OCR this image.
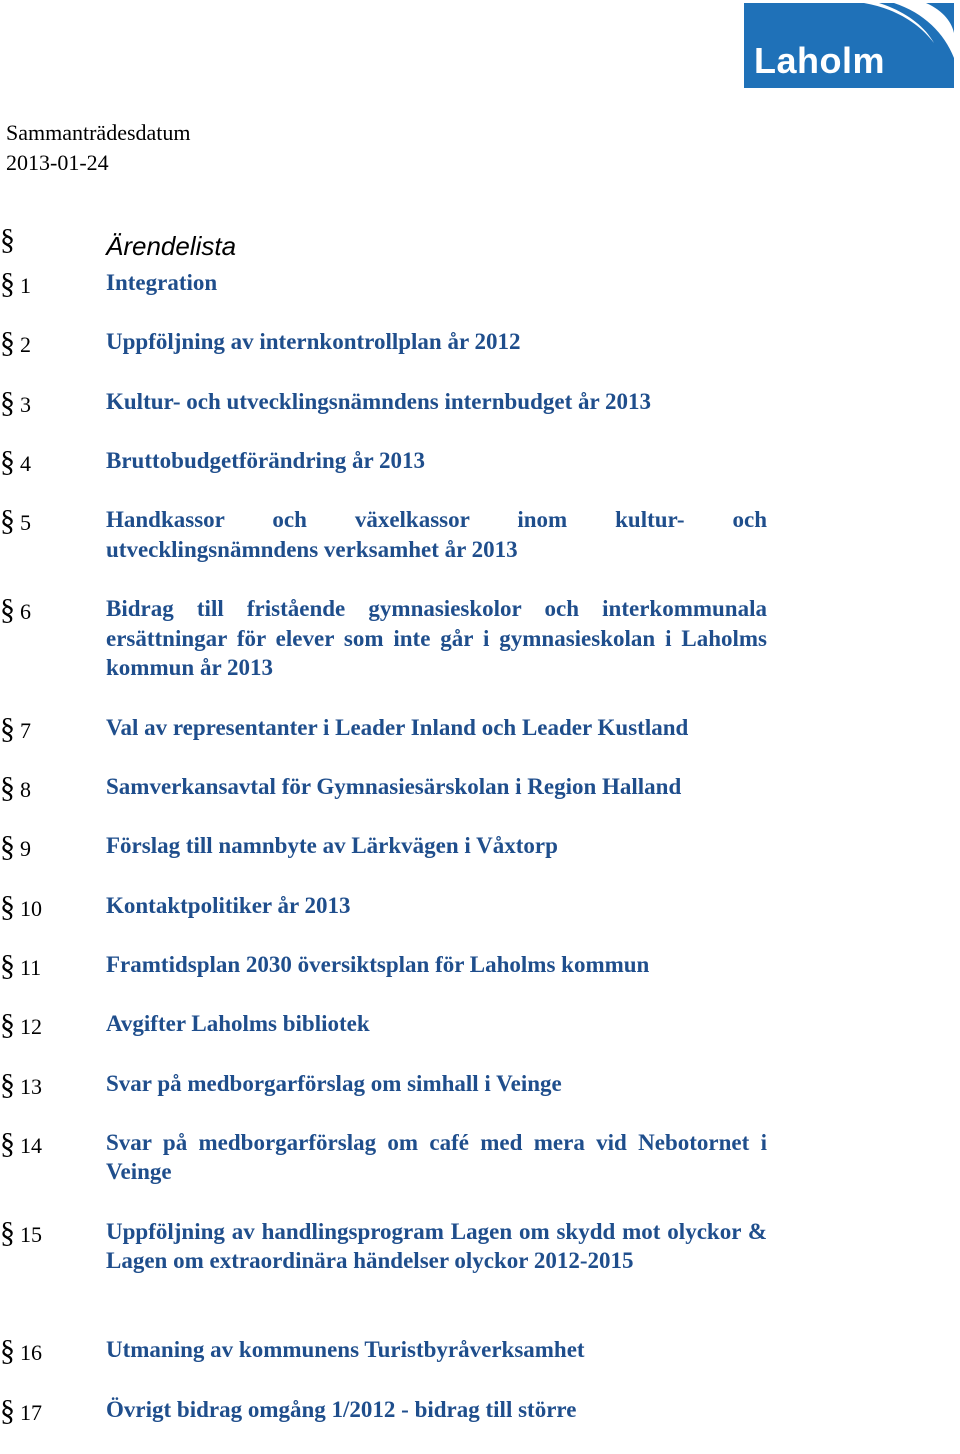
Laholm
Sammanträdesdatum
2013-01-24
§	Ärendelista
§ 1	Integration
§ 2	Uppföljning av internkontrollplan år 2012
§ 3	Kultur- och utvecklingsnämndens internbudget år 2013
§ 4	Bruttobudgetförändring år 2013
§ 5	Handkassor och växelkassor inom kultur- och utvecklingsnämndens verksamhet år 2013
§ 6	Bidrag till fristående gymnasieskolor och interkommunala ersättningar för elever som inte går i gymnasieskolan i Laholms kommun år 2013
§ 7	Val av representanter i Leader Inland och Leader Kustland
§ 8	Samverkansavtal för Gymnasiesärskolan i Region Halland
§ 9	Förslag till namnbyte av Lärkvägen i Våxtorp
§ 10	Kontaktpolitiker år 2013
§ 11	Framtidsplan 2030 översiktsplan för Laholms kommun
§ 12	Avgifter Laholms bibliotek
§ 13	Svar på medborgarförslag om simhall i Veinge
§ 14	Svar på medborgarförslag om café med mera vid Nebotornet i Veinge
§ 15	Uppföljning av handlingsprogram Lagen om skydd mot olyckor & Lagen om extraordinära händelser olyckor 2012-2015
§ 16	Utmaning av kommunens Turistbyråverksamhet
§ 17	Övrigt bidrag omgång 1/2012 - bidrag till större
